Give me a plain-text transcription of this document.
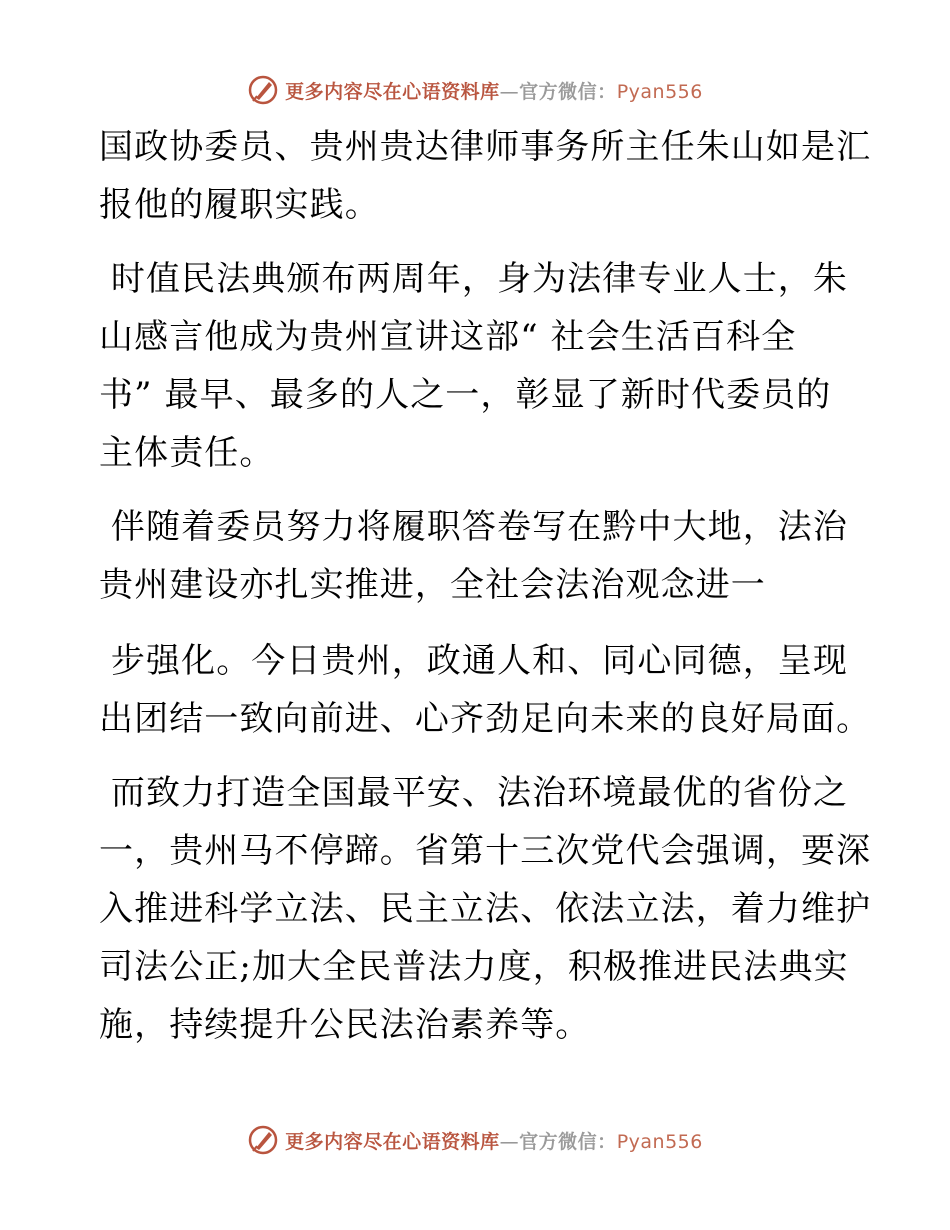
更多内容尽在心语资料库—官方微信：Pyan556
国政协委员、贵州贵达律师事务所主任朱山如是汇
报他的履职实践。
时值民法典颁布两周年，身为法律专业人士，朱
山感言他成为贵州宣讲这部“ 社会生活百科全
书” 最早、最多的人之一，彰显了新时代委员的
主体责任。
伴随着委员努力将履职答卷写在黔中大地，法治
贵州建设亦扎实推进，全社会法治观念进一
步强化。今日贵州，政通人和、同心同德，呈现
出团结一致向前进、心齐劲足向未来的良好局面。
而致力打造全国最平安、法治环境最优的省份之
一，贵州马不停蹄。省第十三次党代会强调，要深
入推进科学立法、民主立法、依法立法，着力维护
司法公正;加大全民普法力度，积极推进民法典实
施，持续提升公民法治素养等。
更多内容尽在心语资料库—官方微信：Pyan556
